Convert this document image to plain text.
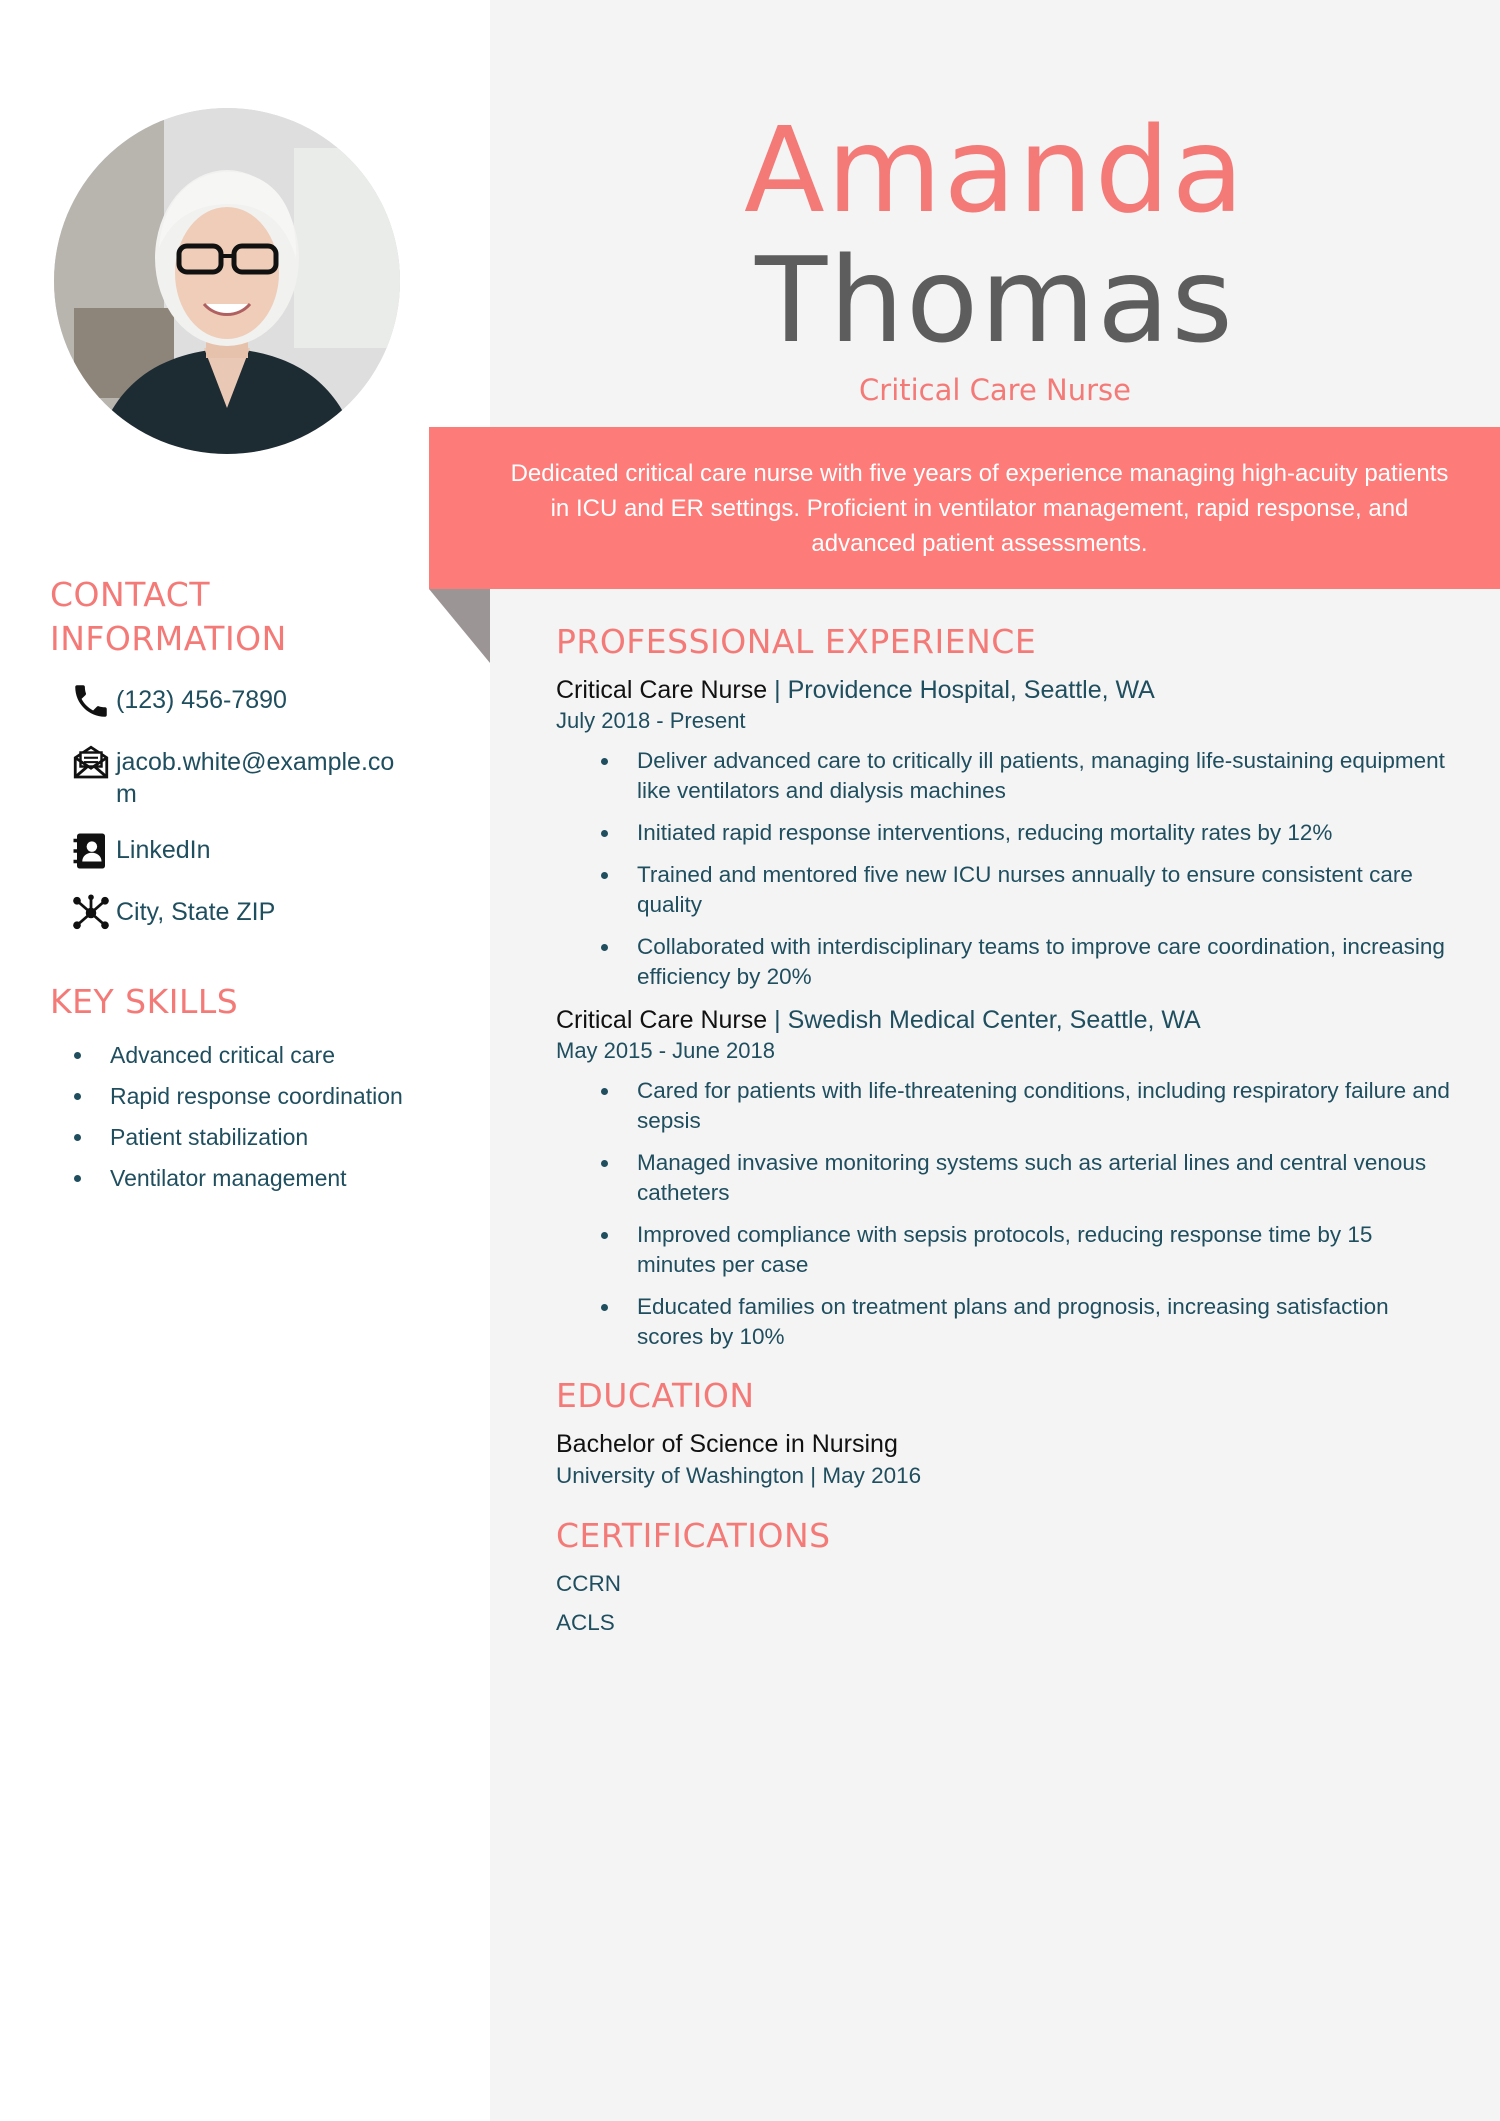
CONTACT INFORMATION
(123) 456-7890
jacob.white@example.com
LinkedIn
City, State ZIP
KEY SKILLS
Advanced critical care
Rapid response coordination
Patient stabilization
Ventilator management
Amanda
Thomas
Critical Care Nurse

Dedicated critical care nurse with five years of experience managing high-acuity patients in ICU and ER settings. Proficient in ventilator management, rapid response, and advanced patient assessments.

PROFESSIONAL EXPERIENCE
Critical Care Nurse | Providence Hospital, Seattle, WA
July 2018 - Present
Deliver advanced care to critically ill patients, managing life-sustaining equipment like ventilators and dialysis machines
Initiated rapid response interventions, reducing mortality rates by 12%
Trained and mentored five new ICU nurses annually to ensure consistent care quality
Collaborated with interdisciplinary teams to improve care coordination, increasing efficiency by 20%
Critical Care Nurse | Swedish Medical Center, Seattle, WA
May 2015 - June 2018
Cared for patients with life-threatening conditions, including respiratory failure and sepsis
Managed invasive monitoring systems such as arterial lines and central venous catheters
Improved compliance with sepsis protocols, reducing response time by 15 minutes per case
Educated families on treatment plans and prognosis, increasing satisfaction scores by 10%
EDUCATION
Bachelor of Science in Nursing
University of Washington | May 2016
CERTIFICATIONS
CCRN
ACLS
